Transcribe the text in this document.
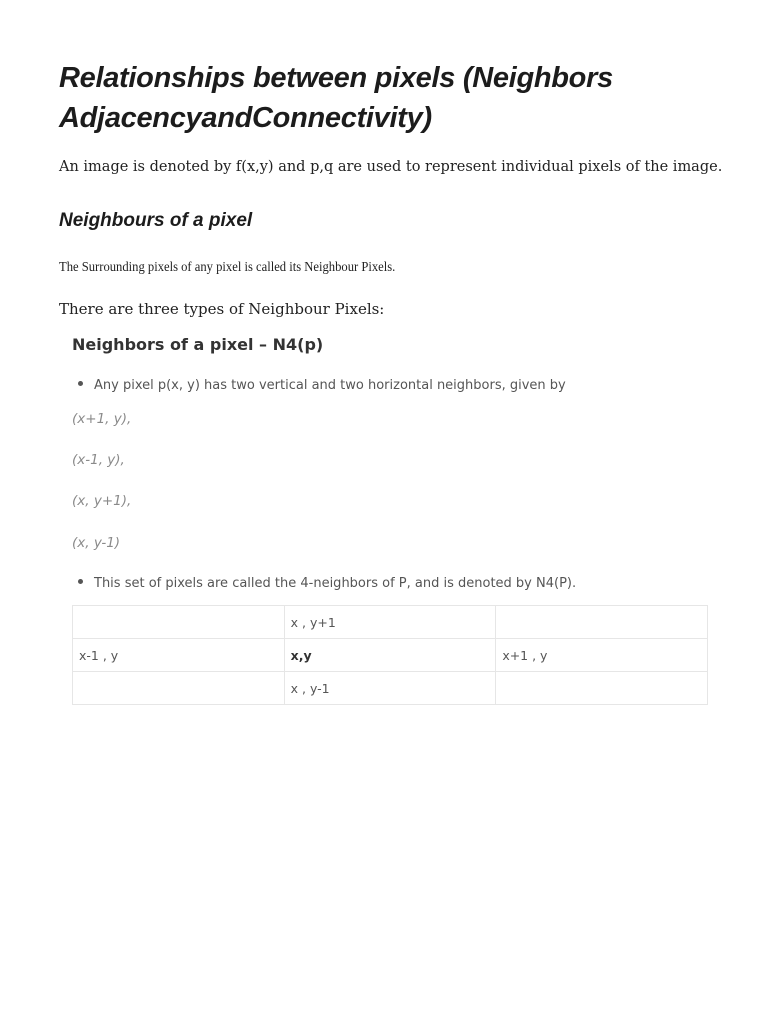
Relationships between pixels (Neighbors AdjacencyandConnectivity)

An image is denoted by f(x,y) and p,q are used to represent individual pixels of the image.

Neighbours of a pixel

The Surrounding pixels of any pixel is called its Neighbour Pixels.

There are three types of Neighbour Pixels:

Neighbors of a pixel – N4(p)

Any pixel p(x, y) has two vertical and two horizontal neighbors, given by

(x+1, y),

(x-1, y),

(x, y+1),

(x, y-1)

This set of pixels are called the 4-neighbors of P, and is denoted by N4(P).

	x , y+1	
x-1 , y	x,y	x+1 , y
	x , y-1	
